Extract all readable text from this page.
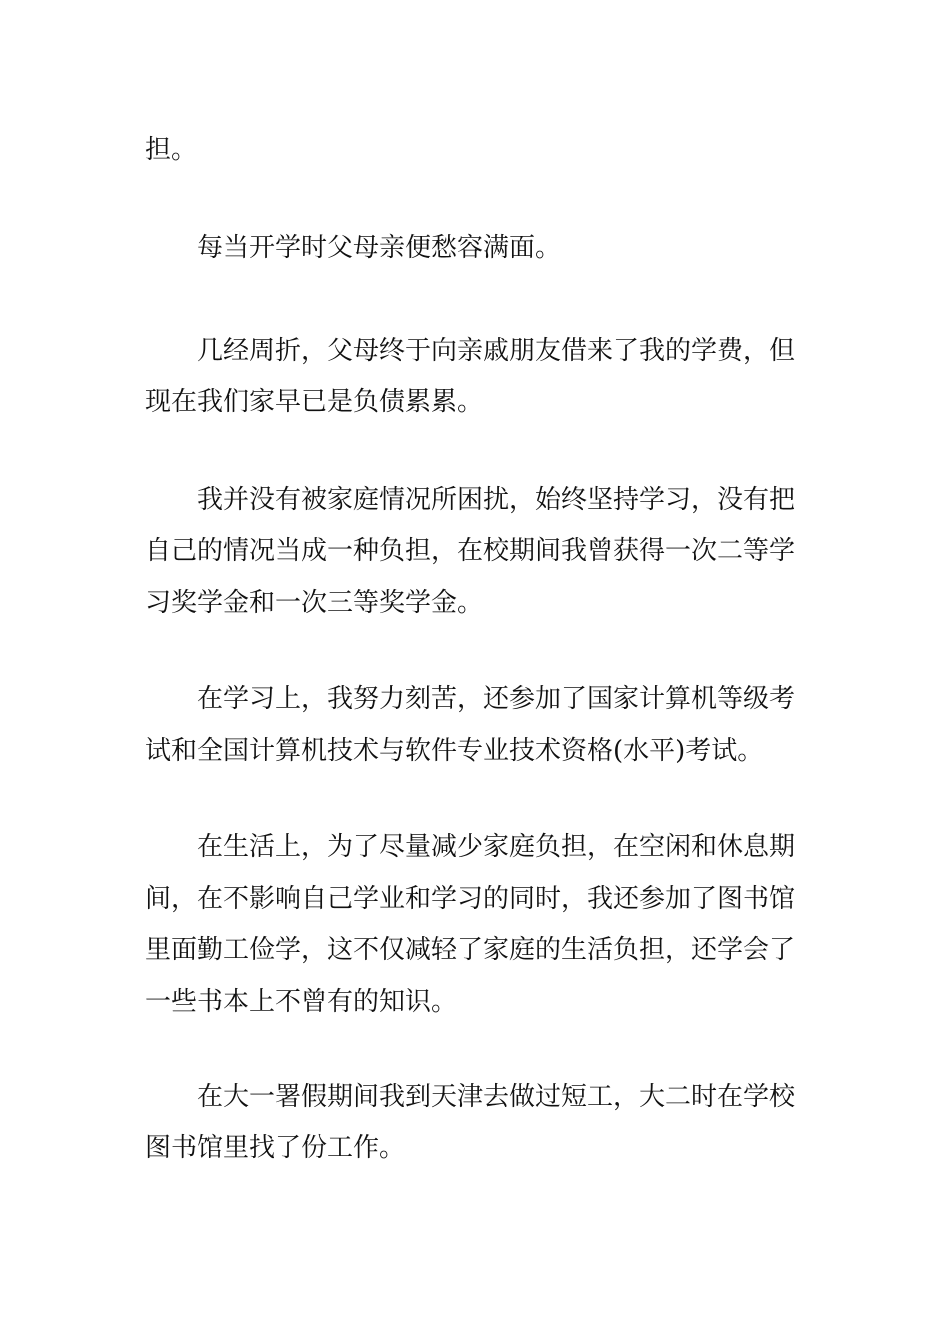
担。
每当开学时父母亲便愁容满面。
几经周折，父母终于向亲戚朋友借来了我的学费，但
现在我们家早已是负债累累。
我并没有被家庭情况所困扰，始终坚持学习，没有把
自己的情况当成一种负担，在校期间我曾获得一次二等学
习奖学金和一次三等奖学金。
在学习上，我努力刻苦，还参加了国家计算机等级考
试和全国计算机技术与软件专业技术资格(水平)考试。
在生活上，为了尽量减少家庭负担，在空闲和休息期
间，在不影响自己学业和学习的同时，我还参加了图书馆
里面勤工俭学，这不仅减轻了家庭的生活负担，还学会了
一些书本上不曾有的知识。
在大一署假期间我到天津去做过短工，大二时在学校
图书馆里找了份工作。
